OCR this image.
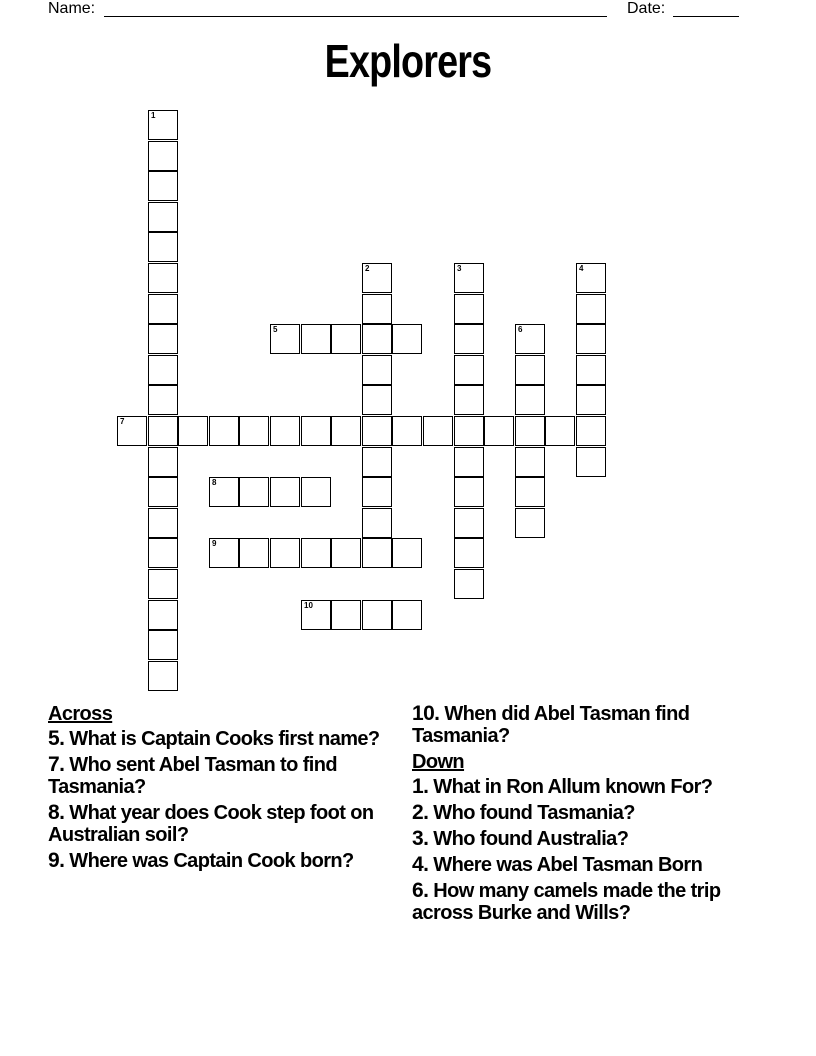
Name:	Date:
Explorers
1
2	3	4
5	6
7
8
9
10
Across
5. What is Captain Cooks first name?
7. Who sent Abel Tasman to find Tasmania?
8. What year does Cook step foot on Australian soil?
9. Where was Captain Cook born?
10. When did Abel Tasman find Tasmania?
Down
1. What in Ron Allum known For?
2. Who found Tasmania?
3. Who found Australia?
4. Where was Abel Tasman Born
6. How many camels made the trip across Burke and Wills?
